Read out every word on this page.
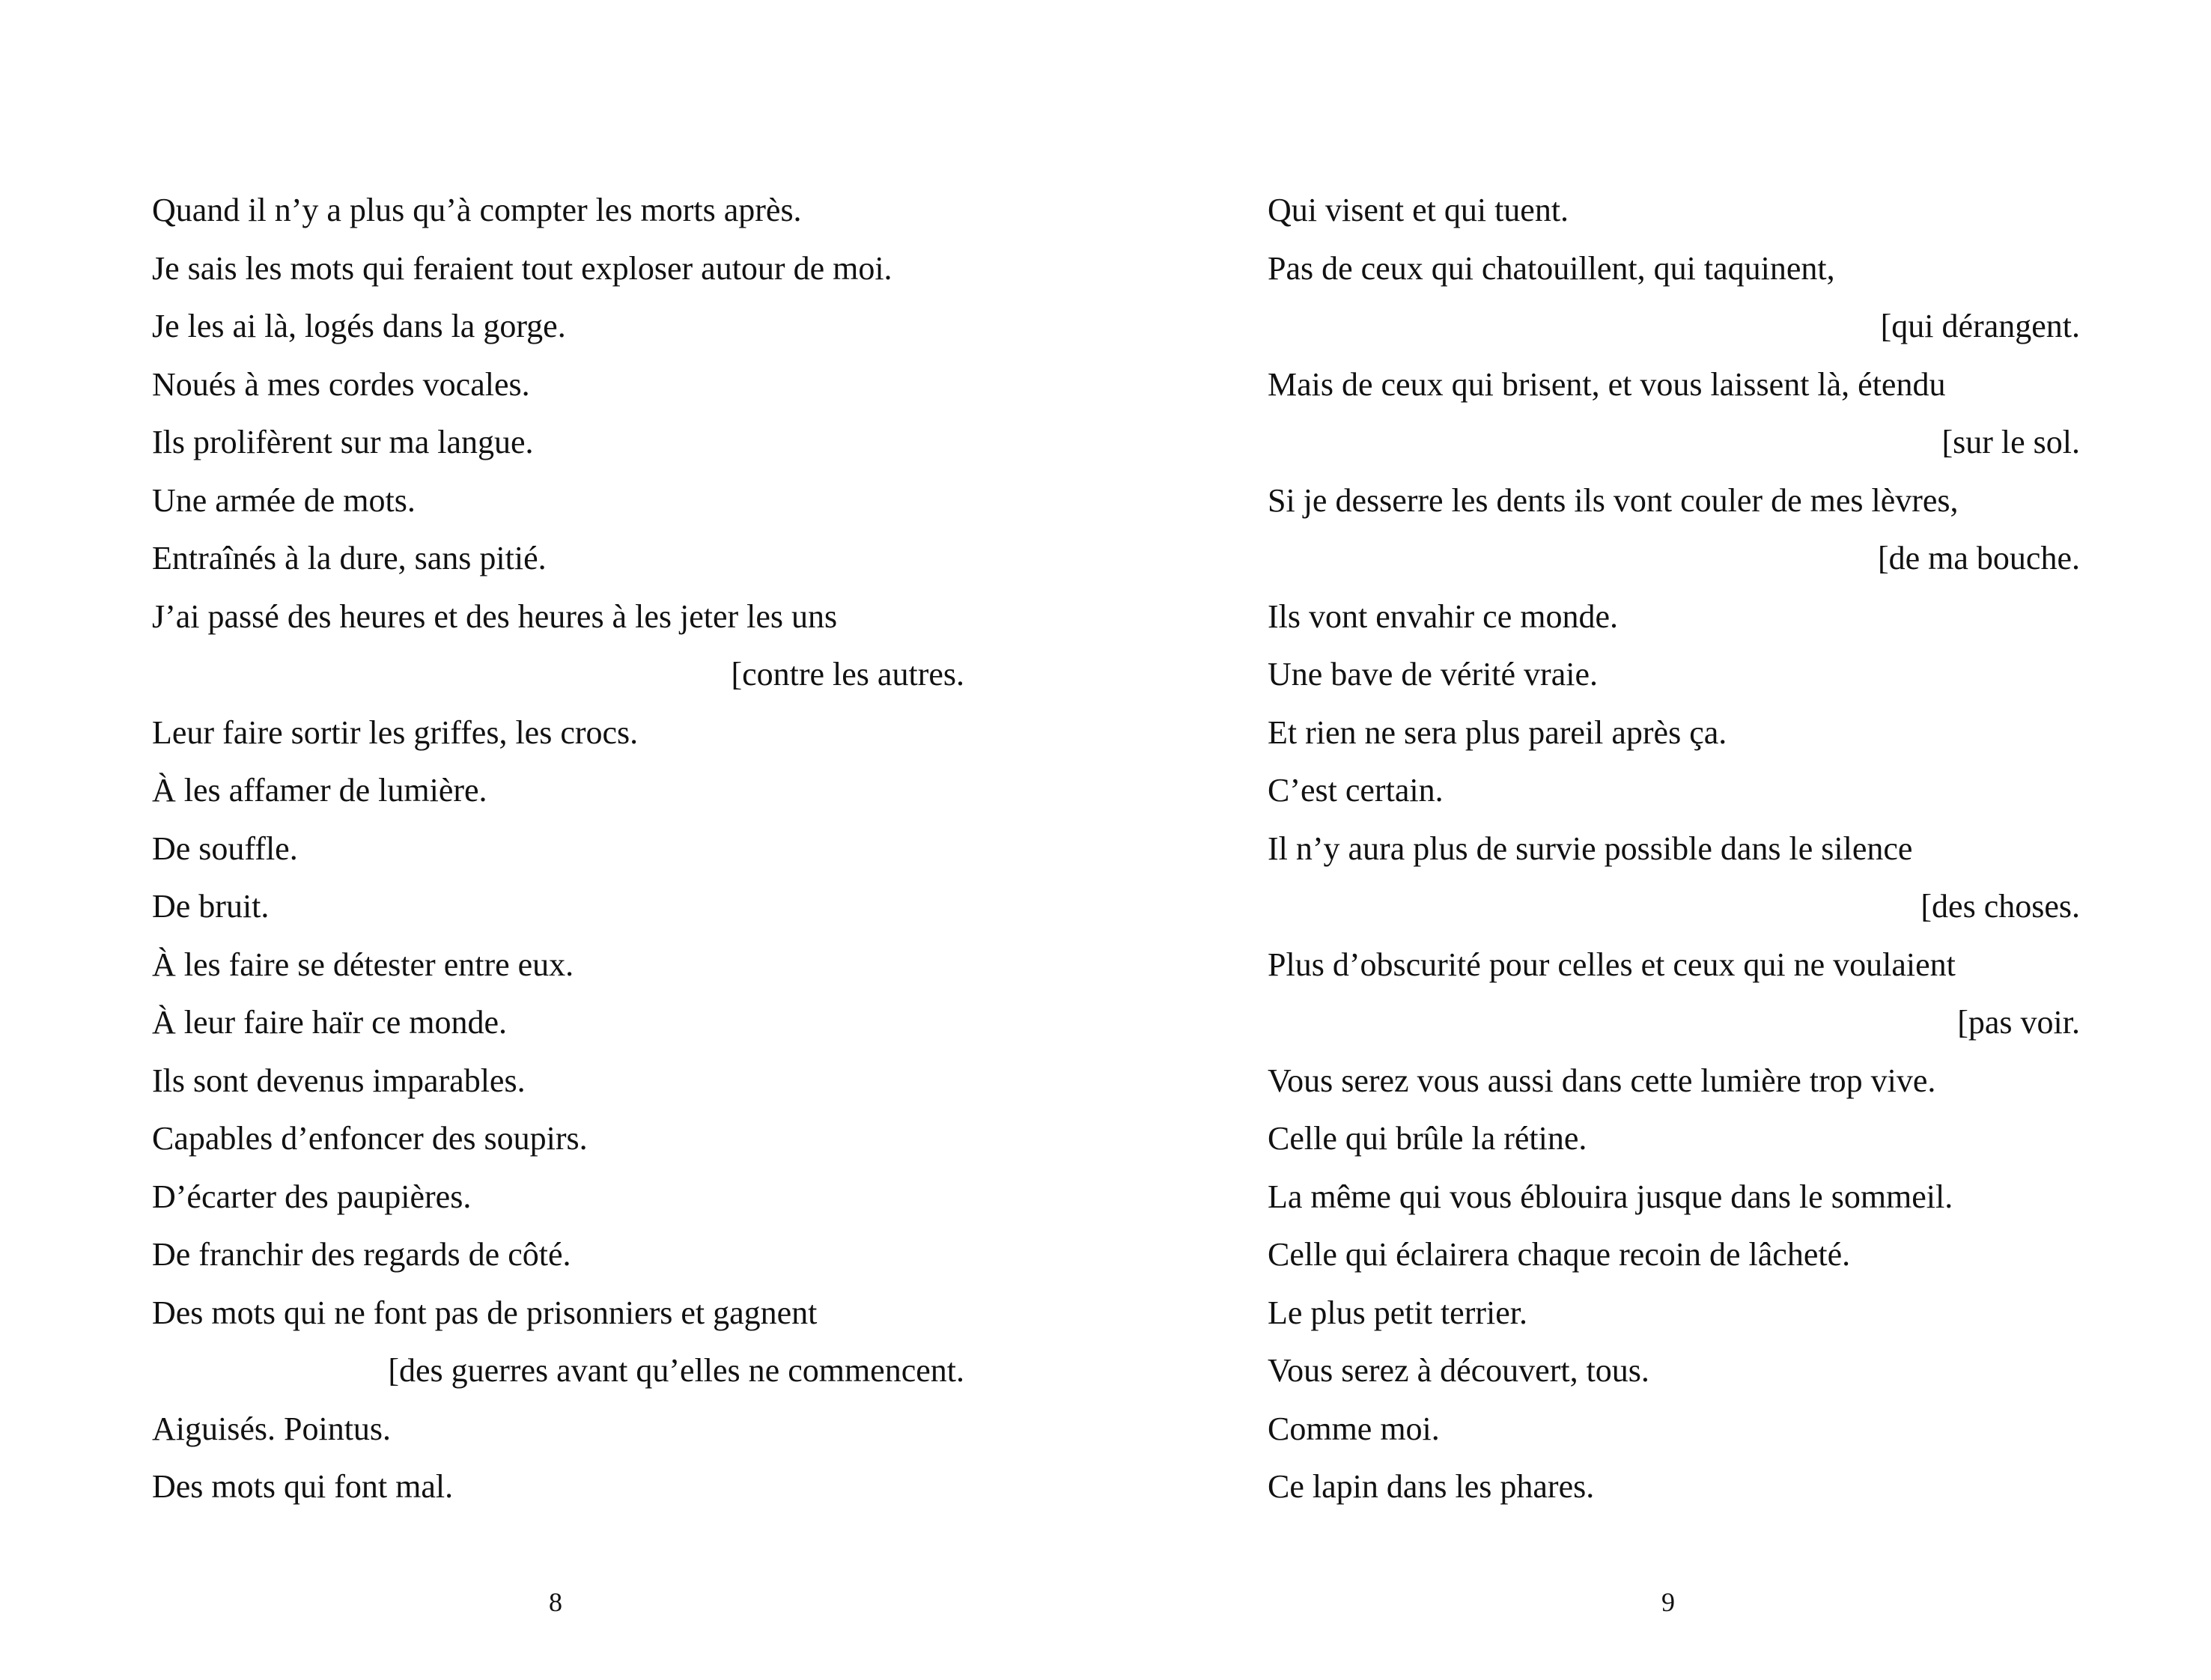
Quand il n’y a plus qu’à compter les morts après.
Je sais les mots qui feraient tout exploser autour de moi.
Je les ai là, logés dans la gorge.
Noués à mes cordes vocales.
Ils prolifèrent sur ma langue.
Une armée de mots.
Entraînés à la dure, sans pitié.
J’ai passé des heures et des heures à les jeter les uns
[contre les autres.
Leur faire sortir les griffes, les crocs.
À les affamer de lumière.
De souffle.
De bruit.
À les faire se détester entre eux.
À leur faire haïr ce monde.
Ils sont devenus imparables.
Capables d’enfoncer des soupirs.
D’écarter des paupières.
De franchir des regards de côté.
Des mots qui ne font pas de prisonniers et gagnent
[des guerres avant qu’elles ne commencent.
Aiguisés. Pointus.
Des mots qui font mal.
8
Qui visent et qui tuent.
Pas de ceux qui chatouillent, qui taquinent,
[qui dérangent.
Mais de ceux qui brisent, et vous laissent là, étendu
[sur le sol.
Si je desserre les dents ils vont couler de mes lèvres,
[de ma bouche.
Ils vont envahir ce monde.
Une bave de vérité vraie.
Et rien ne sera plus pareil après ça.
C’est certain.
Il n’y aura plus de survie possible dans le silence
[des choses.
Plus d’obscurité pour celles et ceux qui ne voulaient
[pas voir.
Vous serez vous aussi dans cette lumière trop vive.
Celle qui brûle la rétine.
La même qui vous éblouira jusque dans le sommeil.
Celle qui éclairera chaque recoin de lâcheté.
Le plus petit terrier.
Vous serez à découvert, tous.
Comme moi.
Ce lapin dans les phares.
9
